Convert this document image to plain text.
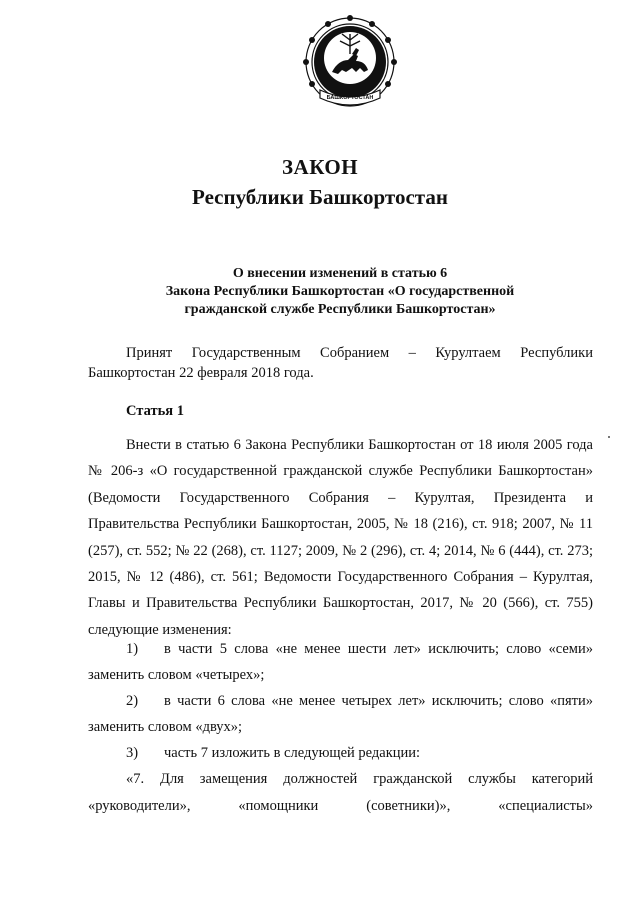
БАШКОРТОСТАН
ЗАКОН
Республики Башкортостан
О внесении изменений в статью 6
Закона Республики Башкортостан «О государственной
гражданской службе Республики Башкортостан»
Принят Государственным Собранием – Курултаем Республики Башкортостан 22 февраля 2018 года.
Статья 1
Внести в статью 6 Закона Республики Башкортостан от 18 июля 2005 года № 206-з «О государственной гражданской службе Республики Башкортостан» (Ведомости Государственного Собрания – Курултая, Президента и Правительства Республики Башкортостан, 2005, № 18 (216), ст. 918; 2007, № 11 (257), ст. 552; № 22 (268), ст. 1127; 2009, № 2 (296), ст. 4; 2014, № 6 (444), ст. 273; 2015, № 12 (486), ст. 561; Ведомости Государственного Собрания – Курултая, Главы и Правительства Республики Башкортостан, 2017, № 20 (566), ст. 755) следующие изменения:
1) в части 5 слова «не менее шести лет» исключить; слово «семи» заменить словом «четырех»;
2) в части 6 слова «не менее четырех лет» исключить; слово «пяти» заменить словом «двух»;
3) часть 7 изложить в следующей редакции:
«7. Для замещения должностей гражданской службы категорий «руководители», «помощники (советники)», «специалисты»
